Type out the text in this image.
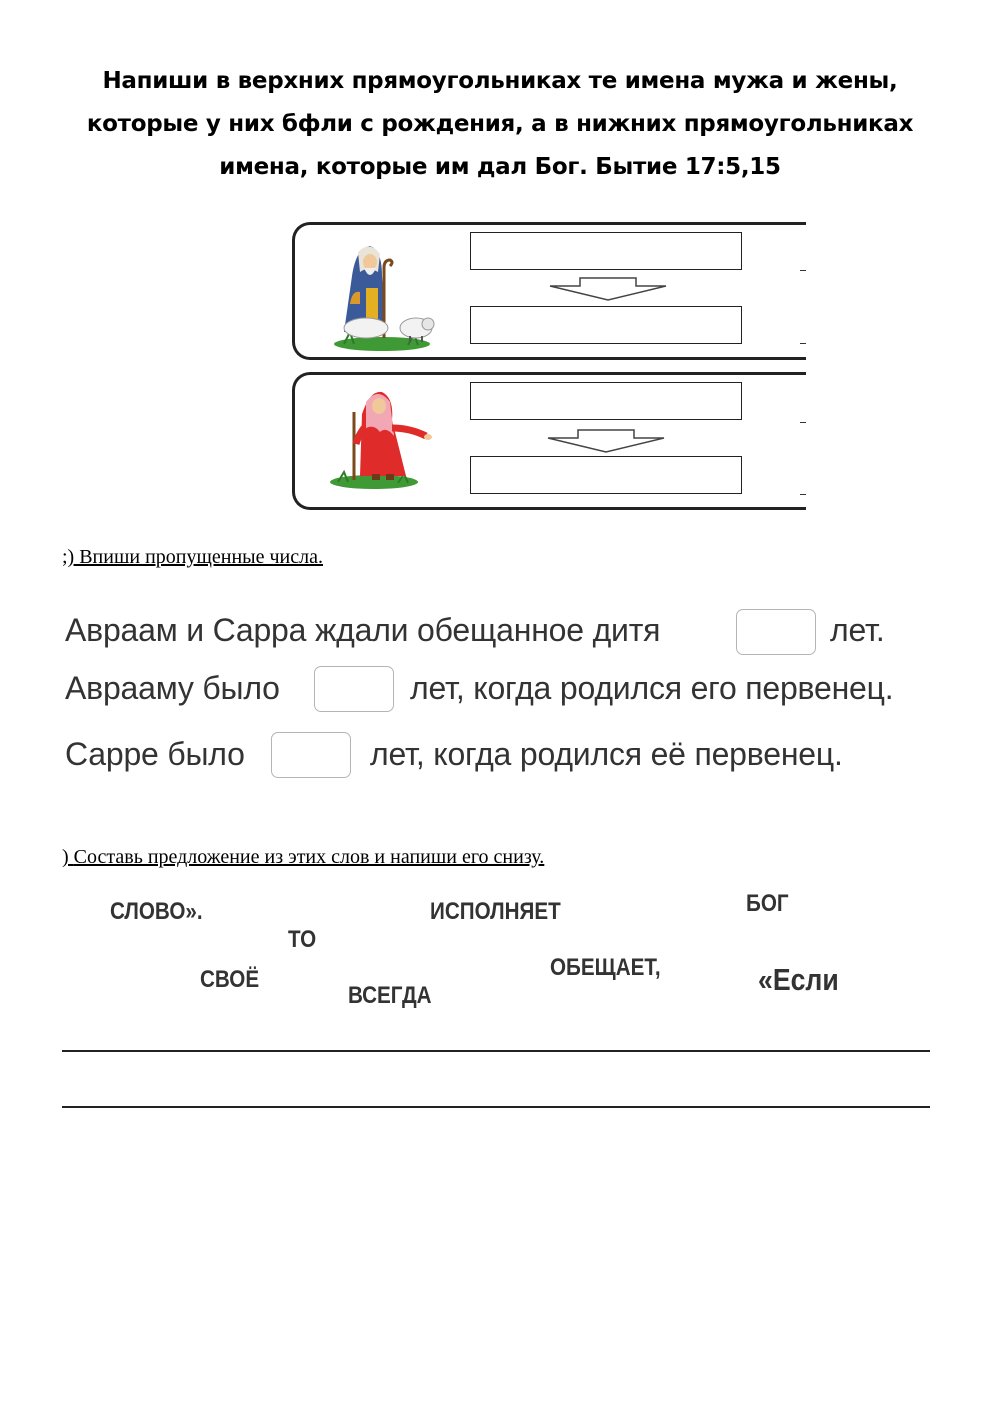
Напиши в верхних прямоугольниках те имена мужа и жены,
которые у них бфли с рождения, а в нижних прямоугольниках
имена, которые им дал Бог. Бытие 17:5,15
;) Впиши пропущенные числа.
Авраам и Сарра ждали обещанное дитя	лет.
Аврааму было	лет, когда родился его первенец.
Сарре было	лет, когда родился её первенец.
) Составь предложение из этих слов и напиши его снизу.
СЛОВО».
ТО
ИСПОЛНЯЕТ	БОГ
СВОЁ
ВСЕГДА
ОБЕЩАЕТ,	«Если
